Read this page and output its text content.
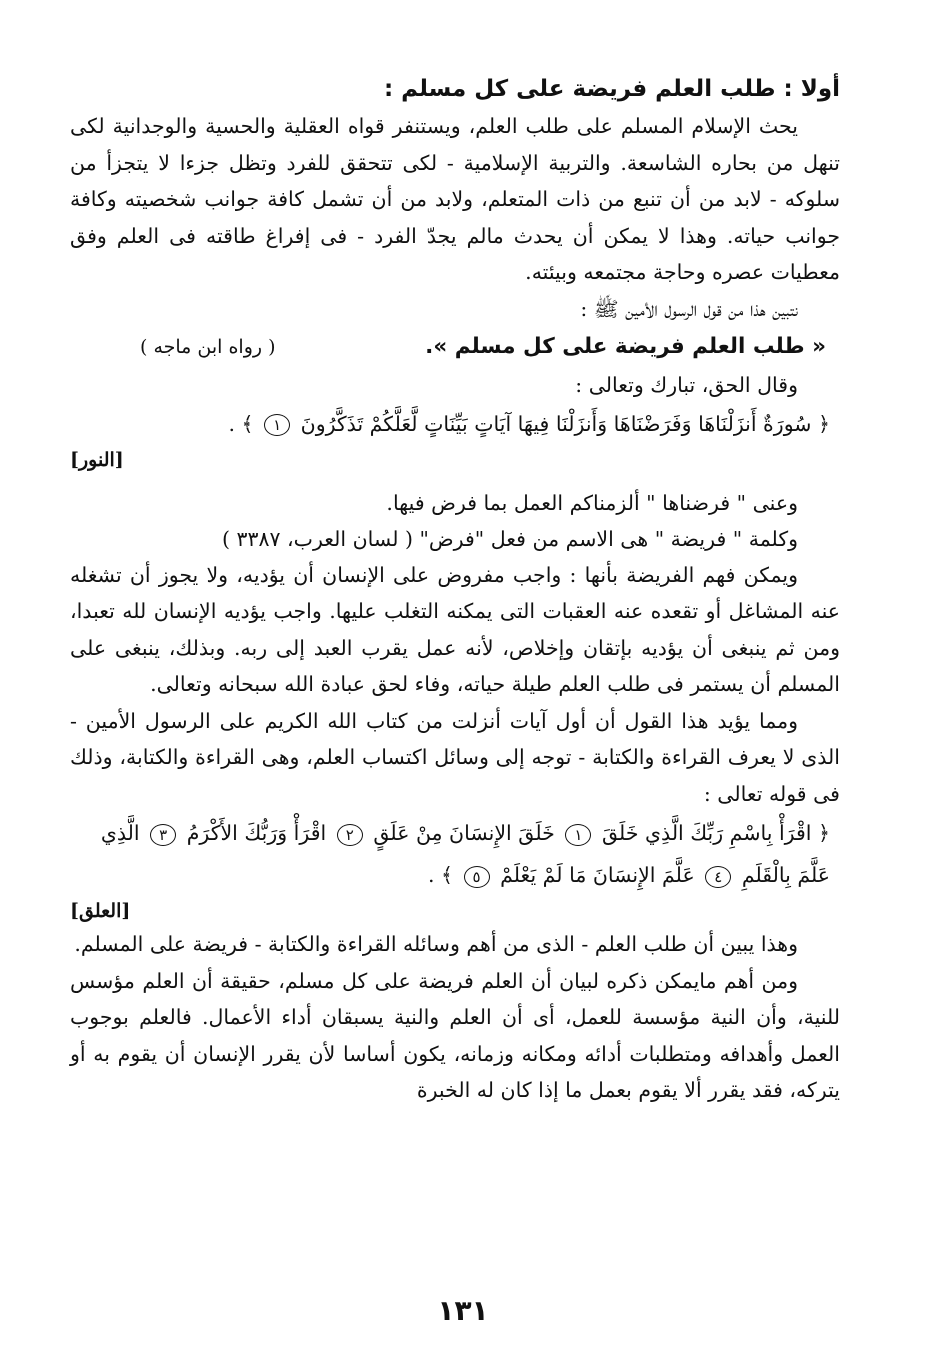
أولا : طلب العلم فريضة على كل مسلم :

يحث الإسلام المسلم على طلب العلم، ويستنفر قواه العقلية والحسية والوجدانية لكى تنهل من بحاره الشاسعة. والتربية الإسلامية - لكى تتحقق للفرد وتظل جزءا لا يتجزأ من سلوكه - لابد من أن تنبع من ذات المتعلم، ولابد من أن تشمل كافة جوانب شخصيته وكافة جوانب حياته. وهذا لا يمكن أن يحدث مالم يجدّ الفرد - فى إفراغ طاقته فى العلم وفق معطيات عصره وحاجة مجتمعه وبيئته.

نتبين هذا من قول الرسول الأمين ﷺ :

« طلب العلم فريضة على كل مسلم ».
( رواه ابن ماجه )

وقال الحق، تبارك وتعالى :

﴿ سُورَةٌ أَنزَلْنَاهَا وَفَرَضْنَاهَا وَأَنزَلْنَا فِيهَا آيَاتٍ بَيِّنَاتٍ لَّعَلَّكُمْ تَذَكَّرُونَ ١ ﴾ .
[النور]

وعنى " فرضناها " ألزمناكم العمل بما فرض فيها.

وكلمة " فريضة " هى الاسم من فعل "فرض" ( لسان العرب، ٣٣٨٧ )

ويمكن فهم الفريضة بأنها : واجب مفروض على الإنسان أن يؤديه، ولا يجوز أن تشغله عنه المشاغل أو تقعده عنه العقبات التى يمكنه التغلب عليها. واجب يؤديه الإنسان لله تعبدا، ومن ثم ينبغى أن يؤديه بإتقان وإخلاص، لأنه عمل يقرب العبد إلى ربه. وبذلك، ينبغى على المسلم أن يستمر فى طلب العلم طيلة حياته، وفاء لحق عبادة الله سبحانه وتعالى.

ومما يؤيد هذا القول أن أول آيات أنزلت من كتاب الله الكريم على الرسول الأمين - الذى لا يعرف القراءة والكتابة - توجه إلى وسائل اكتساب العلم، وهى القراءة والكتابة، وذلك فى قوله تعالى :

﴿ اقْرَأْ بِاسْمِ رَبِّكَ الَّذِي خَلَقَ ١ خَلَقَ الإِنسَانَ مِنْ عَلَقٍ ٢ اقْرَأْ وَرَبُّكَ الأَكْرَمُ ٣ الَّذِي عَلَّمَ بِالْقَلَمِ ٤ عَلَّمَ الإِنسَانَ مَا لَمْ يَعْلَمْ ٥ ﴾ .
[العلق]

وهذا يبين أن طلب العلم - الذى من أهم وسائله القراءة والكتابة - فريضة على المسلم.

ومن أهم مايمكن ذكره لبيان أن العلم فريضة على كل مسلم، حقيقة أن العلم مؤسس للنية، وأن النية مؤسسة للعمل، أى أن العلم والنية يسبقان أداء الأعمال. فالعلم بوجوب العمل وأهدافه ومتطلبات أدائه ومكانه وزمانه، يكون أساسا لأن يقرر الإنسان أن يقوم به أو يتركه، فقد يقرر ألا يقوم بعمل ما إذا كان له الخبرة

١٣١
